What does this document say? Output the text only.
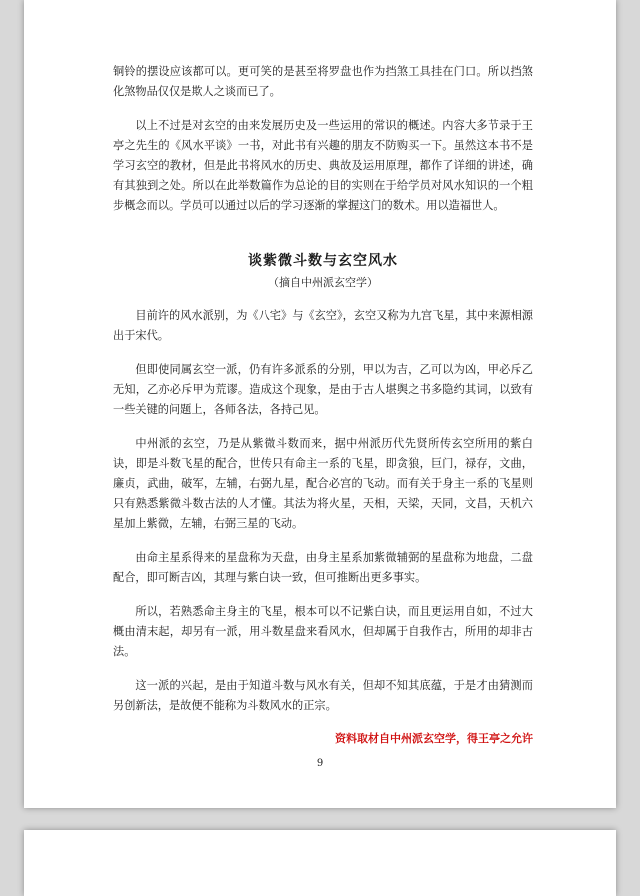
铜铃的摆设应该都可以。更可笑的是甚至将罗盘也作为挡煞工具挂在门口。所以挡煞化煞物品仅仅是欺人之谈而已了。

以上不过是对玄空的由来发展历史及一些运用的常识的概述。内容大多节录于王亭之先生的《风水平谈》一书，对此书有兴趣的朋友不防购买一下。虽然这本书不是学习玄空的教材，但是此书将风水的历史、典故及运用原理，都作了详细的讲述，确有其独到之处。所以在此举数篇作为总论的目的实则在于给学员对风水知识的一个粗步概念而以。学员可以通过以后的学习逐渐的掌握这门的数术。用以造福世人。

谈紫微斗数与玄空风水
（摘自中州派玄空学）

目前许的风水派别，为《八宅》与《玄空》，玄空又称为九宫飞星，其中来源相源出于宋代。

但即使同属玄空一派，仍有许多派系的分别，甲以为吉，乙可以为凶，甲必斥乙无知，乙亦必斥甲为荒谬。造成这个现象，是由于古人堪舆之书多隐约其词，以致有一些关键的问题上，各师各法，各持己见。

中州派的玄空，乃是从紫微斗数而来，据中州派历代先贤所传玄空所用的紫白诀，即是斗数飞星的配合，世传只有命主一系的飞星，即贪狼，巨门，禄存，文曲，廉贞，武曲，破军，左辅，右弼九星，配合必宫的飞动。而有关于身主一系的飞星则只有熟悉紫微斗数古法的人才懂。其法为将火星，天相，天梁，天同，文昌，天机六星加上紫微，左辅，右弼三星的飞动。

由命主星系得来的星盘称为天盘，由身主星系加紫微辅弼的星盘称为地盘，二盘配合，即可断吉凶，其理与紫白诀一致，但可推断出更多事实。

所以，若熟悉命主身主的飞星，根本可以不记紫白诀，而且更运用自如，不过大概由清末起，却另有一派，用斗数星盘来看风水，但却属于自我作古，所用的却非古法。

这一派的兴起，是由于知道斗数与风水有关，但却不知其底蕴，于是才由猜测而另创新法，是故便不能称为斗数风水的正宗。

资料取材自中州派玄空学，得王亭之允许
9
